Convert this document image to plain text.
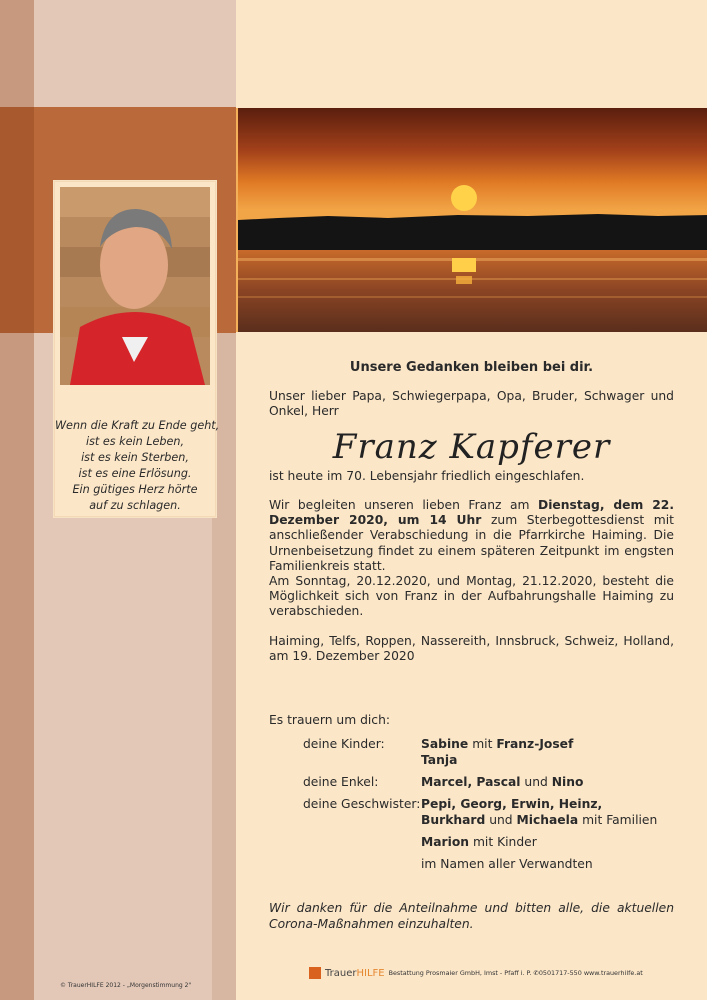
Wenn die Kraft zu Ende geht,
ist es kein Leben,
ist es kein Sterben,
ist es eine Erlösung.
Ein gütiges Herz hörte
auf zu schlagen.
Unsere Gedanken bleiben bei dir.

Unser lieber Papa, Schwiegerpapa, Opa, Bruder, Schwager und Onkel, Herr

Franz Kapferer

ist heute im 70. Lebensjahr friedlich eingeschlafen.

Wir begleiten unseren lieben Franz am Dienstag, dem 22. Dezember 2020, um 14 Uhr zum Sterbegottesdienst mit anschließender Verabschiedung in die Pfarrkirche Haiming. Die Urnenbeisetzung findet zu einem späteren Zeitpunkt im engsten Familienkreis statt.

Am Sonntag, 20.12.2020, und Montag, 21.12.2020, besteht die Möglichkeit sich von Franz in der Aufbahrungshalle Haiming zu verabschieden.

Haiming, Telfs, Roppen, Nassereith, Innsbruck, Schweiz, Holland, am 19. Dezember 2020

Es trauern um dich:
deine Kinder:	Sabine mit Franz-Josef
Tanja
deine Enkel:	Marcel, Pascal und Nino
deine Geschwister: Pepi, Georg, Erwin, Heinz,
Burkhard und Michaela mit Familien
Marion mit Kinder
im Namen aller Verwandten
Wir danken für die Anteilnahme und bitten alle, die aktuellen Corona-Maßnahmen einzuhalten.
© TrauerHILFE 2012 - „Morgenstimmung 2"
TrauerHILFE Bestattung Prosmaier GmbH, Imst - Pfaff i. P. ✆0501717-550 www.trauerhilfe.at
